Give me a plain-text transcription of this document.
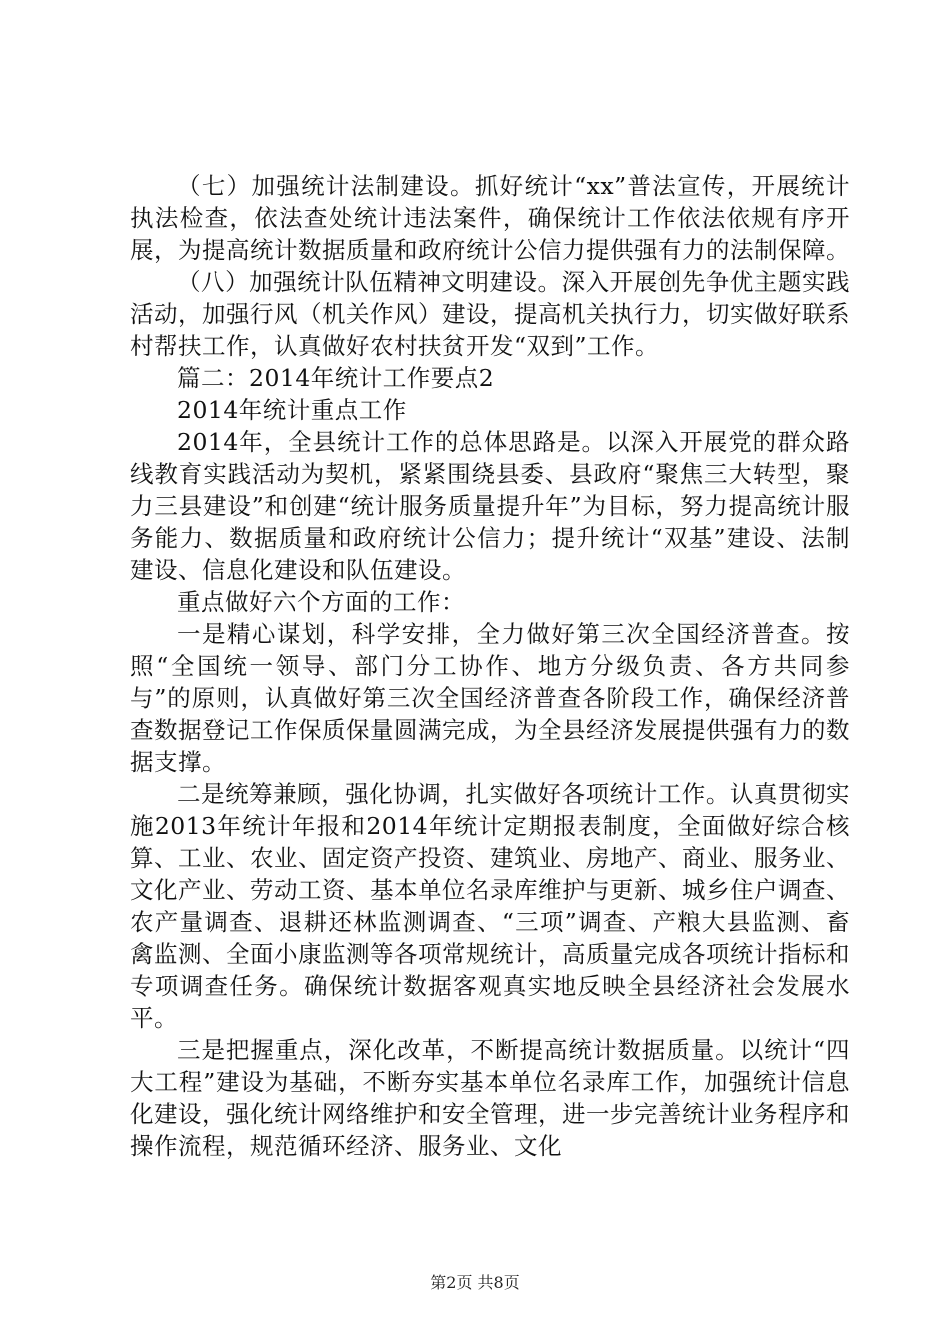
（七）加强统计法制建设。抓好统计“xx”普法宣传，开展统计执法检查，依法查处统计违法案件，确保统计工作依法依规有序开展，为提高统计数据质量和政府统计公信力提供强有力的法制保障。

（八）加强统计队伍精神文明建设。深入开展创先争优主题实践活动，加强行风（机关作风）建设，提高机关执行力，切实做好联系村帮扶工作，认真做好农村扶贫开发“双到”工作。

篇二：2014年统计工作要点2

2014年统计重点工作

2014年，全县统计工作的总体思路是。以深入开展党的群众路线教育实践活动为契机，紧紧围绕县委、县政府“聚焦三大转型，聚力三县建设”和创建“统计服务质量提升年”为目标，努力提高统计服务能力、数据质量和政府统计公信力；提升统计“双基”建设、法制建设、信息化建设和队伍建设。

重点做好六个方面的工作：

一是精心谋划，科学安排，全力做好第三次全国经济普查。按照“全国统一领导、部门分工协作、地方分级负责、各方共同参与”的原则，认真做好第三次全国经济普查各阶段工作，确保经济普查数据登记工作保质保量圆满完成，为全县经济发展提供强有力的数据支撑。

二是统筹兼顾，强化协调，扎实做好各项统计工作。认真贯彻实施2013年统计年报和2014年统计定期报表制度，全面做好综合核算、工业、农业、固定资产投资、建筑业、房地产、商业、服务业、文化产业、劳动工资、基本单位名录库维护与更新、城乡住户调查、农产量调查、退耕还林监测调查、“三项”调查、产粮大县监测、畜禽监测、全面小康监测等各项常规统计，高质量完成各项统计指标和专项调查任务。确保统计数据客观真实地反映全县经济社会发展水平。

三是把握重点，深化改革，不断提高统计数据质量。以统计“四大工程”建设为基础，不断夯实基本单位名录库工作，加强统计信息化建设，强化统计网络维护和安全管理，进一步完善统计业务程序和操作流程，规范循环经济、服务业、文化

第2页 共8页
